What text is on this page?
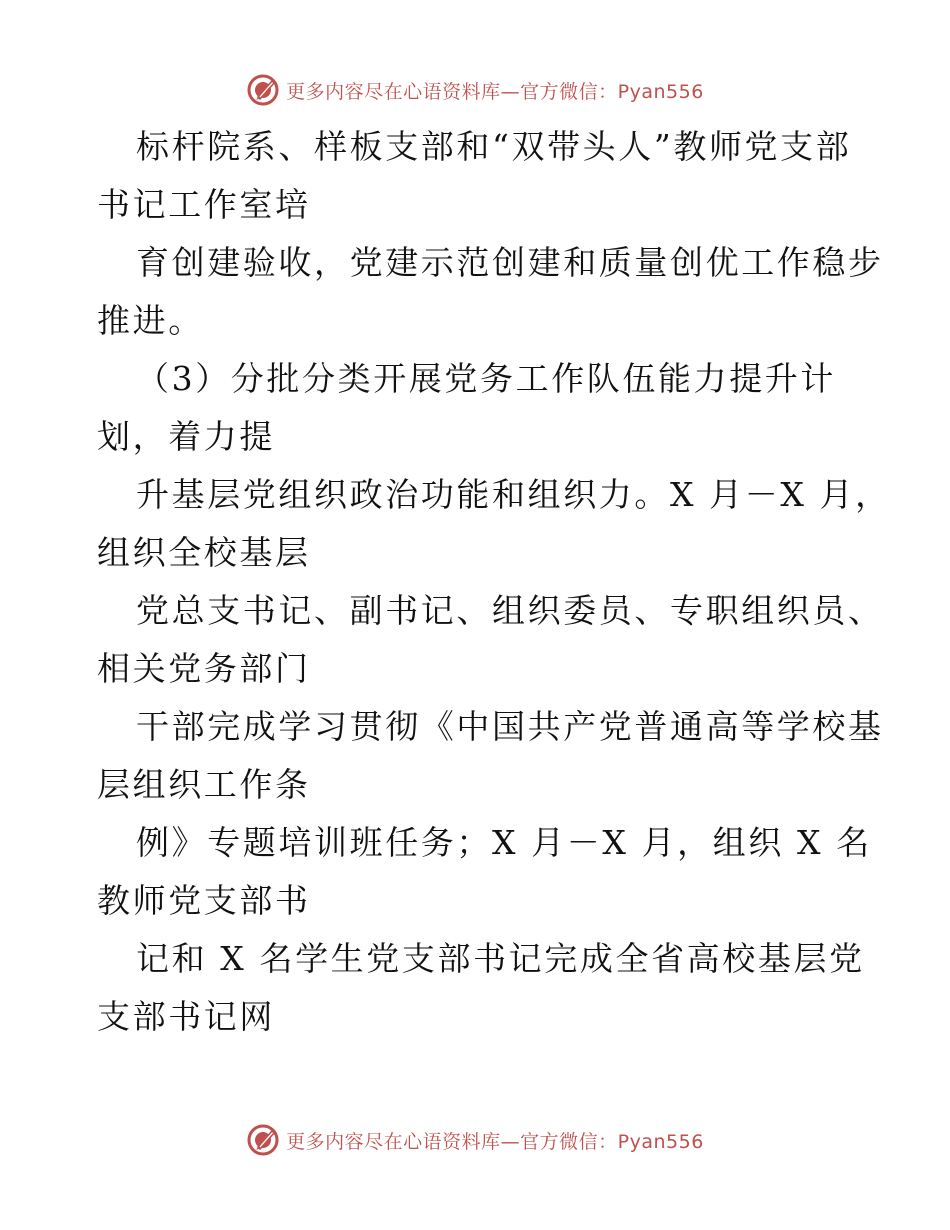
更多内容尽在心语资料库—官方微信：Pyan556
标杆院系、样板支部和“双带头人”教师党支部
书记工作室培
育创建验收，党建示范创建和质量创优工作稳步
推进。
（3）分批分类开展党务工作队伍能力提升计
划，着力提
升基层党组织政治功能和组织力。X 月－X 月，
组织全校基层
党总支书记、副书记、组织委员、专职组织员、
相关党务部门
干部完成学习贯彻《中国共产党普通高等学校基
层组织工作条
例》专题培训班任务；X 月－X 月，组织 X 名
教师党支部书
记和 X 名学生党支部书记完成全省高校基层党
支部书记网
更多内容尽在心语资料库—官方微信：Pyan556
